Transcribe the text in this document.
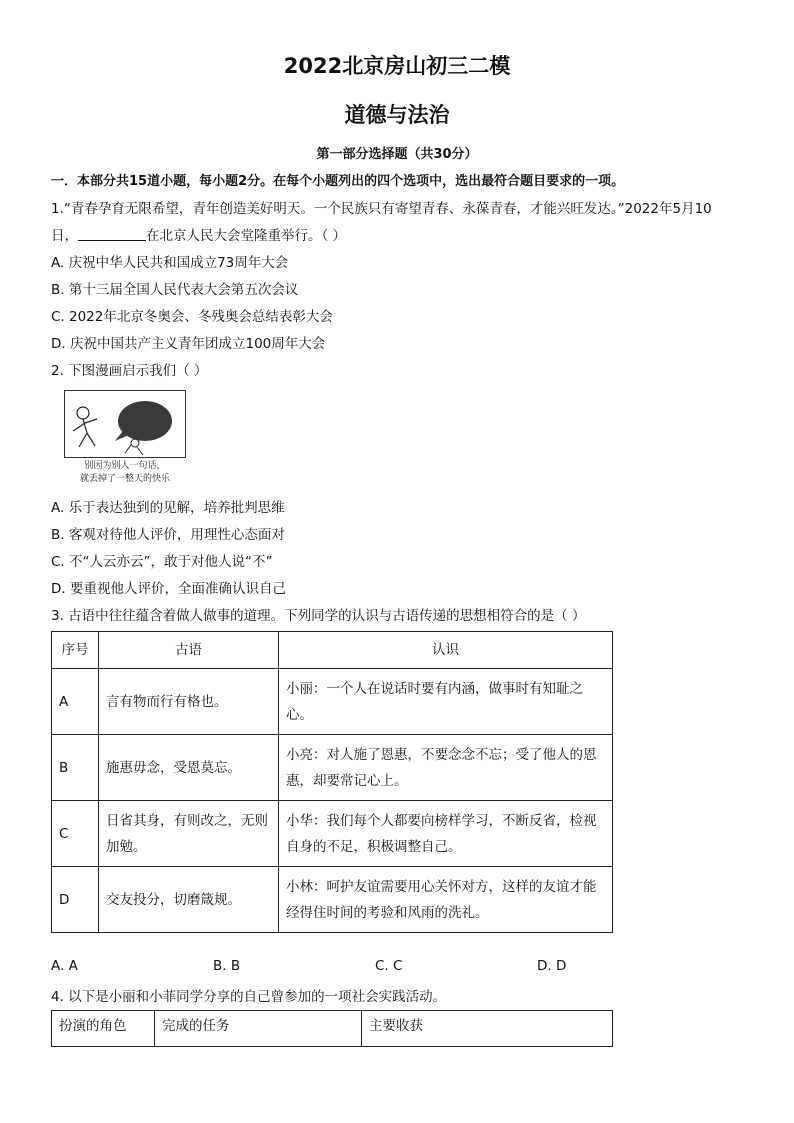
2022北京房山初三二模
道德与法治
第一部分选择题（共30分）
一．本部分共15道小题，每小题2分。在每个小题列出的四个选项中，选出最符合题目要求的一项。
1.“青春孕育无限希望，青年创造美好明天。一个民族只有寄望青春、永葆青春，才能兴旺发达。”2022年5月10
日，	在北京人民大会堂隆重举行。（ ）
A. 庆祝中华人民共和国成立73周年大会
B. 第十三届全国人民代表大会第五次会议
C. 2022年北京冬奥会、冬残奥会总结表彰大会
D. 庆祝中国共产主义青年团成立100周年大会
2. 下图漫画启示我们（ ）
别因为别人一句话，
就丢掉了一整天的快乐
A. 乐于表达独到的见解，培养批判思维
B. 客观对待他人评价，用理性心态面对
C. 不“人云亦云”，敢于对他人说“不”
D. 要重视他人评价，全面准确认识自己
3. 古语中往往蕴含着做人做事的道理。下列同学的认识与古语传递的思想相符合的是（ ）
序号	古语	认识
A	言有物而行有格也。	小丽：一个人在说话时要有内涵，做事时有知耻之心。
B	施惠毋念，受恩莫忘。	小亮：对人施了恩惠，不要念念不忘；受了他人的恩惠，却要常记心上。
C	日省其身，有则改之，无则加勉。	小华：我们每个人都要向榜样学习，不断反省，检视自身的不足，积极调整自己。
D	交友投分，切磨箴规。	小林：呵护友谊需要用心关怀对方，这样的友谊才能经得住时间的考验和风雨的洗礼。
A. A	B. B	C. C	D. D
4. 以下是小丽和小菲同学分享的自己曾参加的一项社会实践活动。
扮演的角色	完成的任务	主要收获
